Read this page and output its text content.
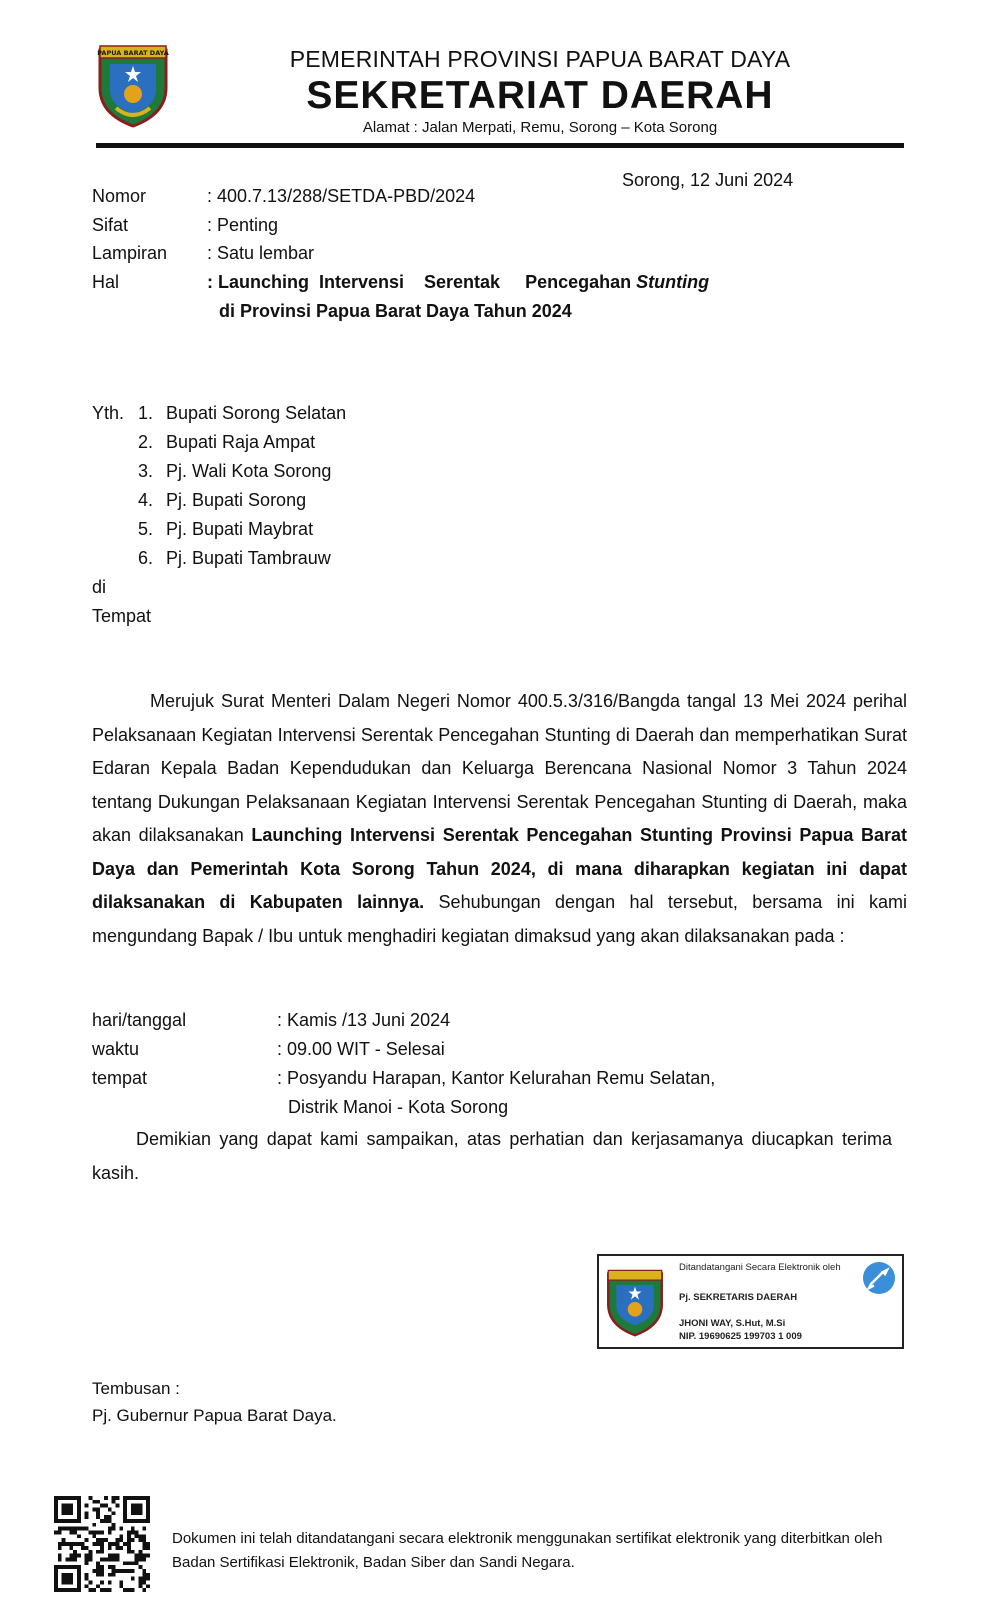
PAPUA BARAT DAYA	PEMERINTAH PROVINSI PAPUA BARAT DAYA
SEKRETARIAT DAERAH
Alamat : Jalan Merpati, Remu, Sorong – Kota Sorong
Sorong, 12 Juni 2024
Nomor	: 400.7.13/288/SETDA-PBD/2024
Sifat	: Penting
Lampiran : Satu lembar
Hal	: Launching  Intervensi    Serentak     Pencegahan Stunting
di Provinsi Papua Barat Daya Tahun 2024
Yth. 1. Bupati Sorong Selatan
2. Bupati Raja Ampat
3. Pj. Wali Kota Sorong
4. Pj. Bupati Sorong
5. Pj. Bupati Maybrat
6. Pj. Bupati Tambrauw
di
Tempat
Merujuk Surat Menteri Dalam Negeri Nomor 400.5.3/316/Bangda tangal 13 Mei 2024 perihal Pelaksanaan Kegiatan Intervensi Serentak Pencegahan Stunting di Daerah dan memperhatikan Surat Edaran Kepala Badan Kependudukan dan Keluarga Berencana Nasional Nomor 3 Tahun 2024 tentang Dukungan Pelaksanaan Kegiatan Intervensi Serentak Pencegahan Stunting di Daerah, maka akan dilaksanakan Launching Intervensi Serentak Pencegahan Stunting Provinsi Papua Barat Daya dan Pemerintah Kota Sorong Tahun 2024, di mana diharapkan kegiatan ini dapat dilaksanakan di Kabupaten lainnya. Sehubungan dengan hal tersebut, bersama ini kami mengundang Bapak / Ibu untuk menghadiri kegiatan dimaksud yang akan dilaksanakan pada :
hari/tanggal	: Kamis /13 Juni 2024
waktu	: 09.00 WIT - Selesai
tempat	: Posyandu Harapan, Kantor Kelurahan Remu Selatan,
Distrik Manoi - Kota Sorong
Demikian yang dapat kami sampaikan, atas perhatian dan kerjasamanya diucapkan terima kasih.
Ditandatangani Secara Elektronik oleh
Pj. SEKRETARIS DAERAH
JHONI WAY, S.Hut, M.Si
NIP. 19690625 199703 1 009
Tembusan :
Pj. Gubernur Papua Barat Daya.
Dokumen ini telah ditandatangani secara elektronik menggunakan sertifikat elektronik yang diterbitkan oleh
Badan Sertifikasi Elektronik, Badan Siber dan Sandi Negara.
